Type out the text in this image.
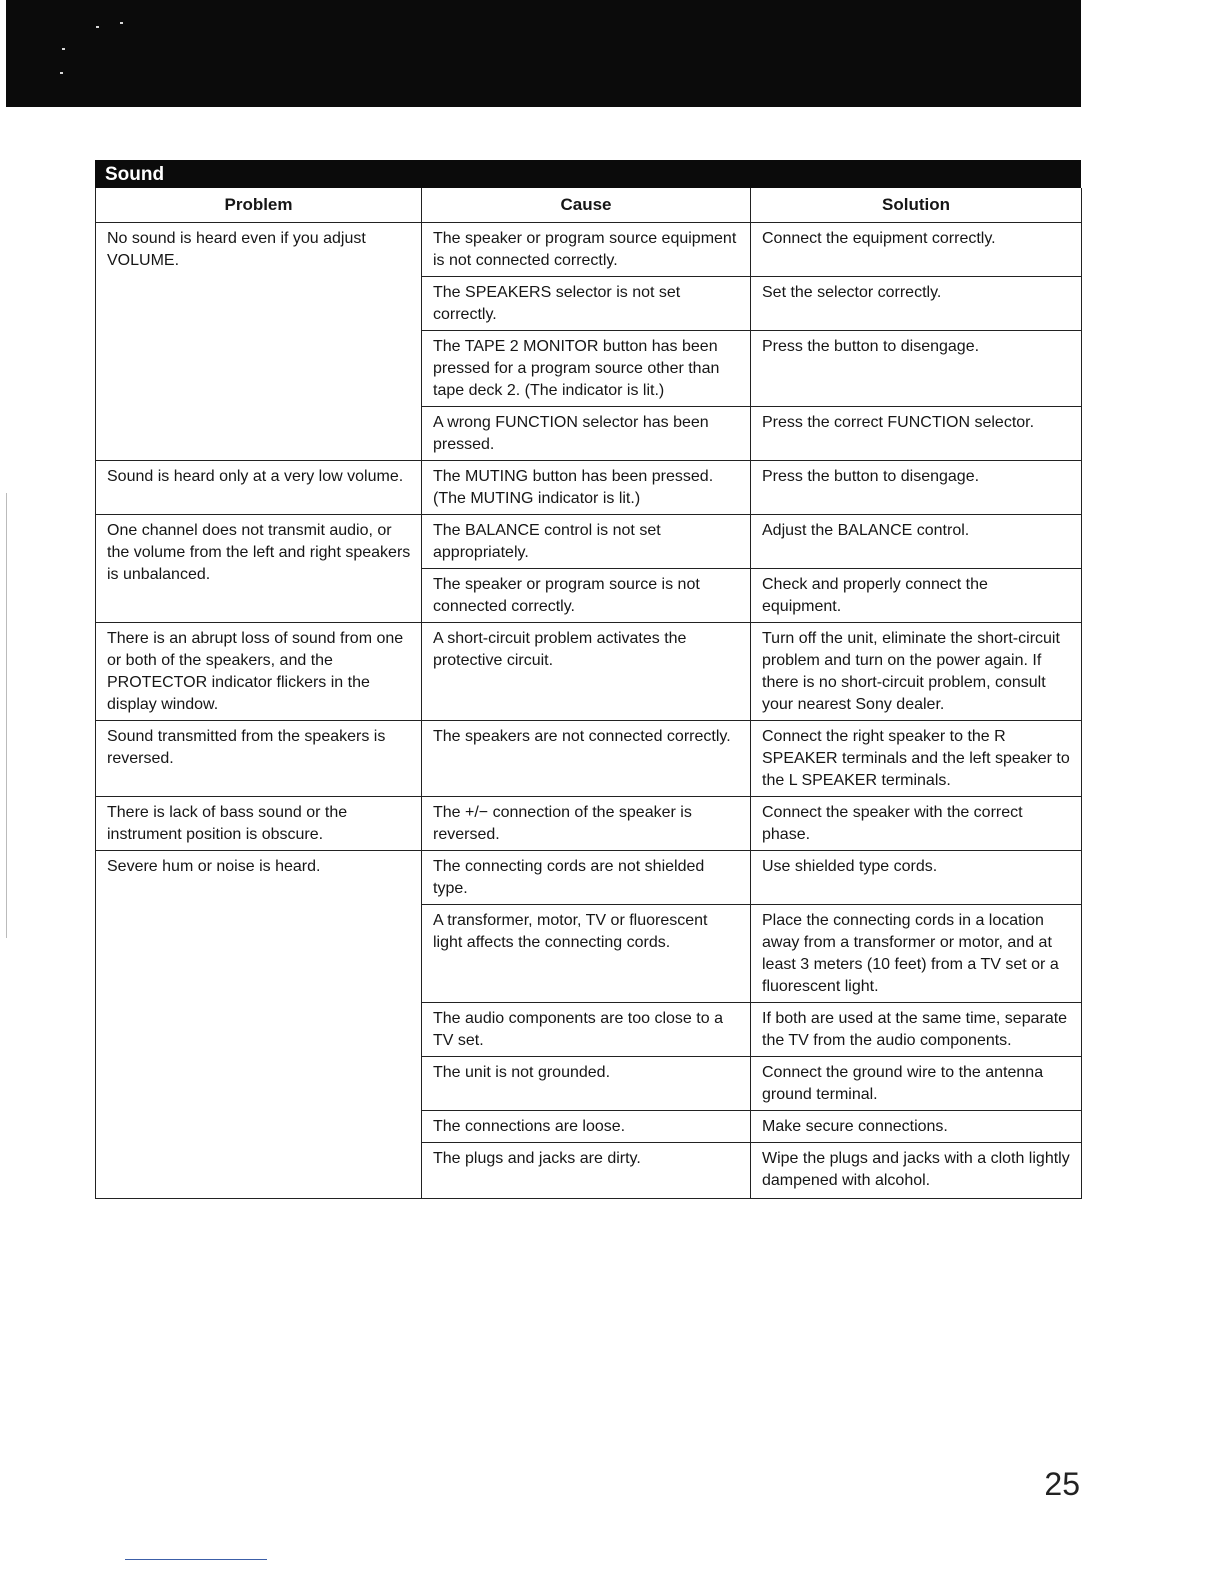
Sound
Problem	Cause	Solution
No sound is heard even if you adjust VOLUME.	The speaker or program source equipment is not connected correctly.	Connect the equipment correctly.
	The SPEAKERS selector is not set correctly.	Set the selector correctly.
	The TAPE 2 MONITOR button has been pressed for a program source other than tape deck 2. (The indicator is lit.)	Press the button to disengage.
	A wrong FUNCTION selector has been pressed.	Press the correct FUNCTION selector.
Sound is heard only at a very low volume.	The MUTING button has been pressed. (The MUTING indicator is lit.)	Press the button to disengage.
One channel does not transmit audio, or the volume from the left and right speakers is unbalanced.	The BALANCE control is not set appropriately.	Adjust the BALANCE control.
	The speaker or program source is not connected correctly.	Check and properly connect the equipment.
There is an abrupt loss of sound from one or both of the speakers, and the PROTECTOR indicator flickers in the display window.	A short-circuit problem activates the protective circuit.	Turn off the unit, eliminate the short-circuit problem and turn on the power again. If there is no short-circuit problem, consult your nearest Sony dealer.
Sound transmitted from the speakers is reversed.	The speakers are not connected correctly.	Connect the right speaker to the R SPEAKER terminals and the left speaker to the L SPEAKER terminals.
There is lack of bass sound or the instrument position is obscure.	The +/− connection of the speaker is reversed.	Connect the speaker with the correct phase.
Severe hum or noise is heard.	The connecting cords are not shielded type.	Use shielded type cords.
	A transformer, motor, TV or fluorescent light affects the connecting cords.	Place the connecting cords in a location away from a transformer or motor, and at least 3 meters (10 feet) from a TV set or a fluorescent light.
	The audio components are too close to a TV set.	If both are used at the same time, separate the TV from the audio components.
	The unit is not grounded.	Connect the ground wire to the antenna ground terminal.
	The connections are loose.	Make secure connections.
	The plugs and jacks are dirty.	Wipe the plugs and jacks with a cloth lightly dampened with alcohol.
25
